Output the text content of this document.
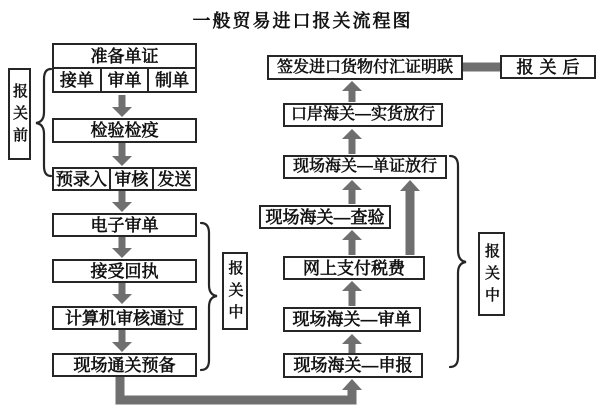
一般贸易进口报关流程图
准备单证
接单 审单 制单
检验检疫
预录入 审核 发送
电子审单
接受回执
计算机审核通过
现场通关预备	现场海关—申报
现场海关—审单
网上支付税费
现场海关—查验
现场海关—单证放行
口岸海关—实货放行
签发进口货物付汇证明联
报关前
报关中	报关中
报关后
